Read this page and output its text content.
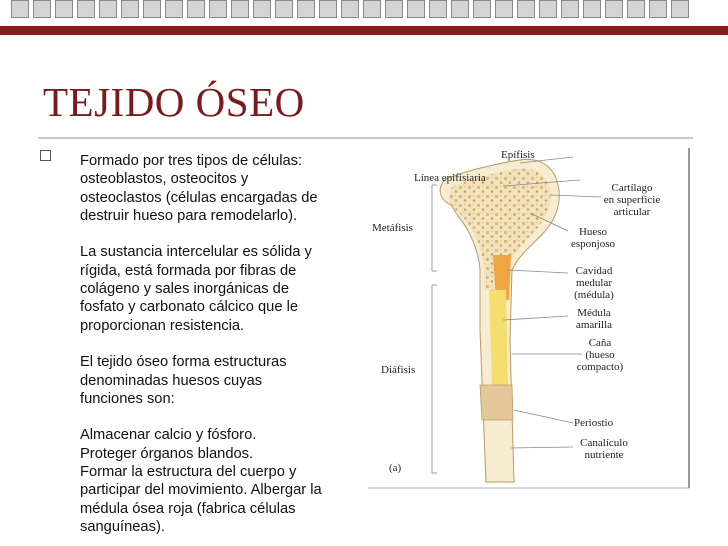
TEJIDO ÓSEO

Formado por tres tipos de células:
osteoblastos, osteocitos y
osteoclastos (células encargadas de
destruir hueso para remodelarlo).

La sustancia intercelular es sólida y
rígida, está formada por fibras de
colágeno y sales inorgánicas de
fosfato y carbonato cálcico que le
proporcionan resistencia.

El tejido óseo forma estructuras
denominadas huesos cuyas
funciones son:

Almacenar calcio y fósforo.
Proteger órganos blandos.
Formar la estructura del cuerpo y
participar del movimiento. Albergar la
médula ósea roja (fabrica células
sanguíneas).

Epífisis
Línea epifisiaria
Cartílago
en superficie
articular
Metáfisis	Hueso
esponjoso
Cavidad
medular
(médula)
Médula
amarilla
Caña
(hueso
compacto)
Diáfisis
Periostio
Canalículo
nutriente
(a)
